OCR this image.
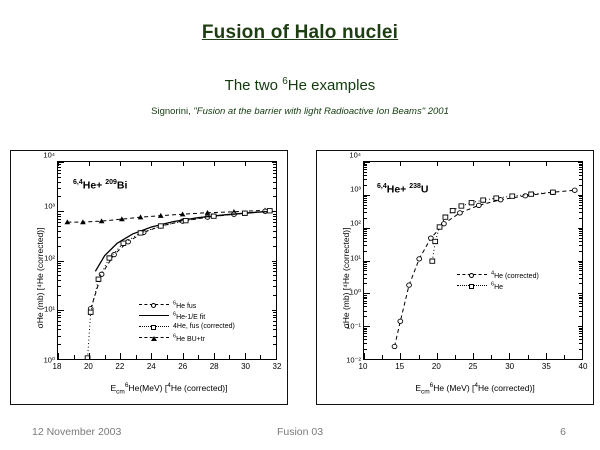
Fusion of Halo nuclei
The two $^6$He examples
Signorini, "Fusion at the barrier with light Radioactive Ion Beams" 2001
$^{6,4}$He+ $^{209}$Bi
10⁰
10¹
10²
10³
10⁴
18	20	22	24	26	28	30	32
$E_{cm}^6He(MeV)$ [$^4$He (corrected)]
σHe (mb) [⁴He (corrected)]	$^6$He fus
$^6$He-1/E fit
4He, fus (corrected)
$^6$He BU+tr
$^{6,4}$He+ $^{238}$U
10⁻²
10⁻¹
10⁰
10¹
10²
10³
10⁴
10	15	20	25	30	35	40
$E_{cm}^6He$ (MeV) [$^4$He (corrected)]
σHe (mb) [⁴He (corrected)]	$^4$He (corrected)
$^6$He
12 November 2003	Fusion 03	6
